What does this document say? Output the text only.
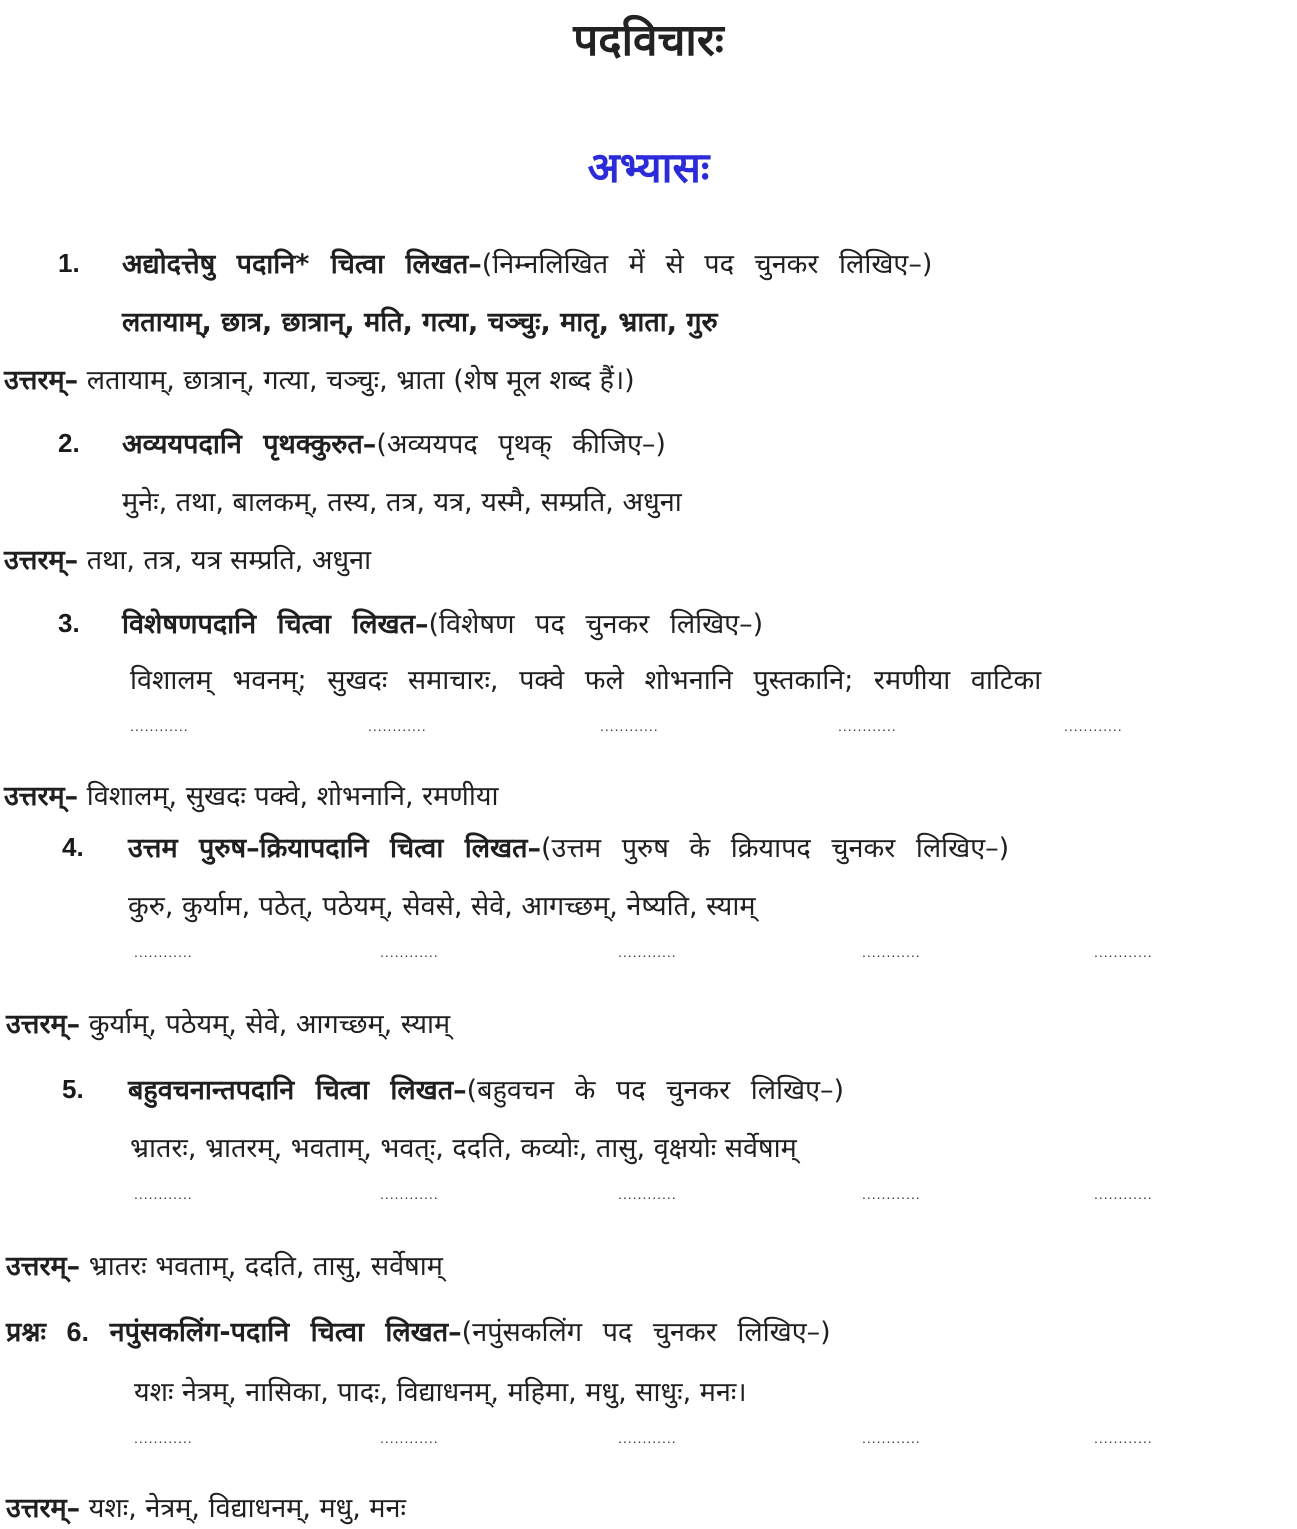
पदविचारः
अभ्यासः
1. अद्योदत्तेषु पदानि* चित्वा लिखत–(निम्नलिखित में से पद चुनकर लिखिए–)
लतायाम्, छात्र, छात्रान्, मति, गत्या, चञ्चुः, मातृ, भ्राता, गुरु
उत्तरम्– लतायाम्, छात्रान्, गत्या, चञ्चुः, भ्राता (शेष मूल शब्द हैं।)
2. अव्ययपदानि पृथक्कुरुत–(अव्ययपद पृथक् कीजिए–)
मुनेः, तथा, बालकम्, तस्य, तत्र, यत्र, यस्मै, सम्प्रति, अधुना
उत्तरम्– तथा, तत्र, यत्र सम्प्रति, अधुना
3. विशेषणपदानि चित्वा लिखत–(विशेषण पद चुनकर लिखिए–)
विशालम् भवनम्; सुखदः समाचारः, पक्वे फले शोभनानि पुस्तकानि; रमणीया वाटिका
............	............	............	............	............
उत्तरम्– विशालम्, सुखदः पक्वे, शोभनानि, रमणीया
4. उत्तम पुरुष–क्रियापदानि चित्वा लिखत–(उत्तम पुरुष के क्रियापद चुनकर लिखिए–)
कुरु, कुर्याम, पठेत्, पठेयम्, सेवसे, सेवे, आगच्छम्, नेष्यति, स्याम्
............	............	............	............	............
उत्तरम्– कुर्याम्, पठेयम्, सेवे, आगच्छम्, स्याम्
5. बहुवचनान्तपदानि चित्वा लिखत–(बहुवचन के पद चुनकर लिखिए–)
भ्रातरः, भ्रातरम्, भवताम्, भवत्ः, ददति, कव्योः, तासु, वृक्षयोः सर्वेषाम्
............	............	............	............	............
उत्तरम्– भ्रातरः भवताम्, ददति, तासु, सर्वेषाम्
प्रश्नः 6. नपुंसकलिंग-पदानि चित्वा लिखत–(नपुंसकलिंग पद चुनकर लिखिए–)
यशः नेत्रम्, नासिका, पादः, विद्याधनम्, महिमा, मधु, साधुः, मनः।
............	............	............	............	............
उत्तरम्– यशः, नेत्रम्, विद्याधनम्, मधु, मनः
